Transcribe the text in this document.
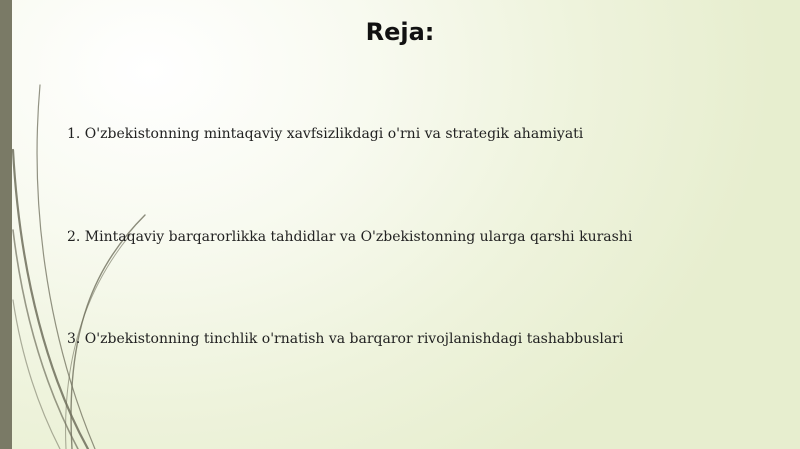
Reja:
1. O'zbekistonning mintaqaviy xavfsizlikdagi o'rni va strategik ahamiyati
2. Mintaqaviy barqarorlikka tahdidlar va O'zbekistonning ularga qarshi kurashi
3. O'zbekistonning tinchlik o'rnatish va barqaror rivojlanishdagi tashabbuslari
